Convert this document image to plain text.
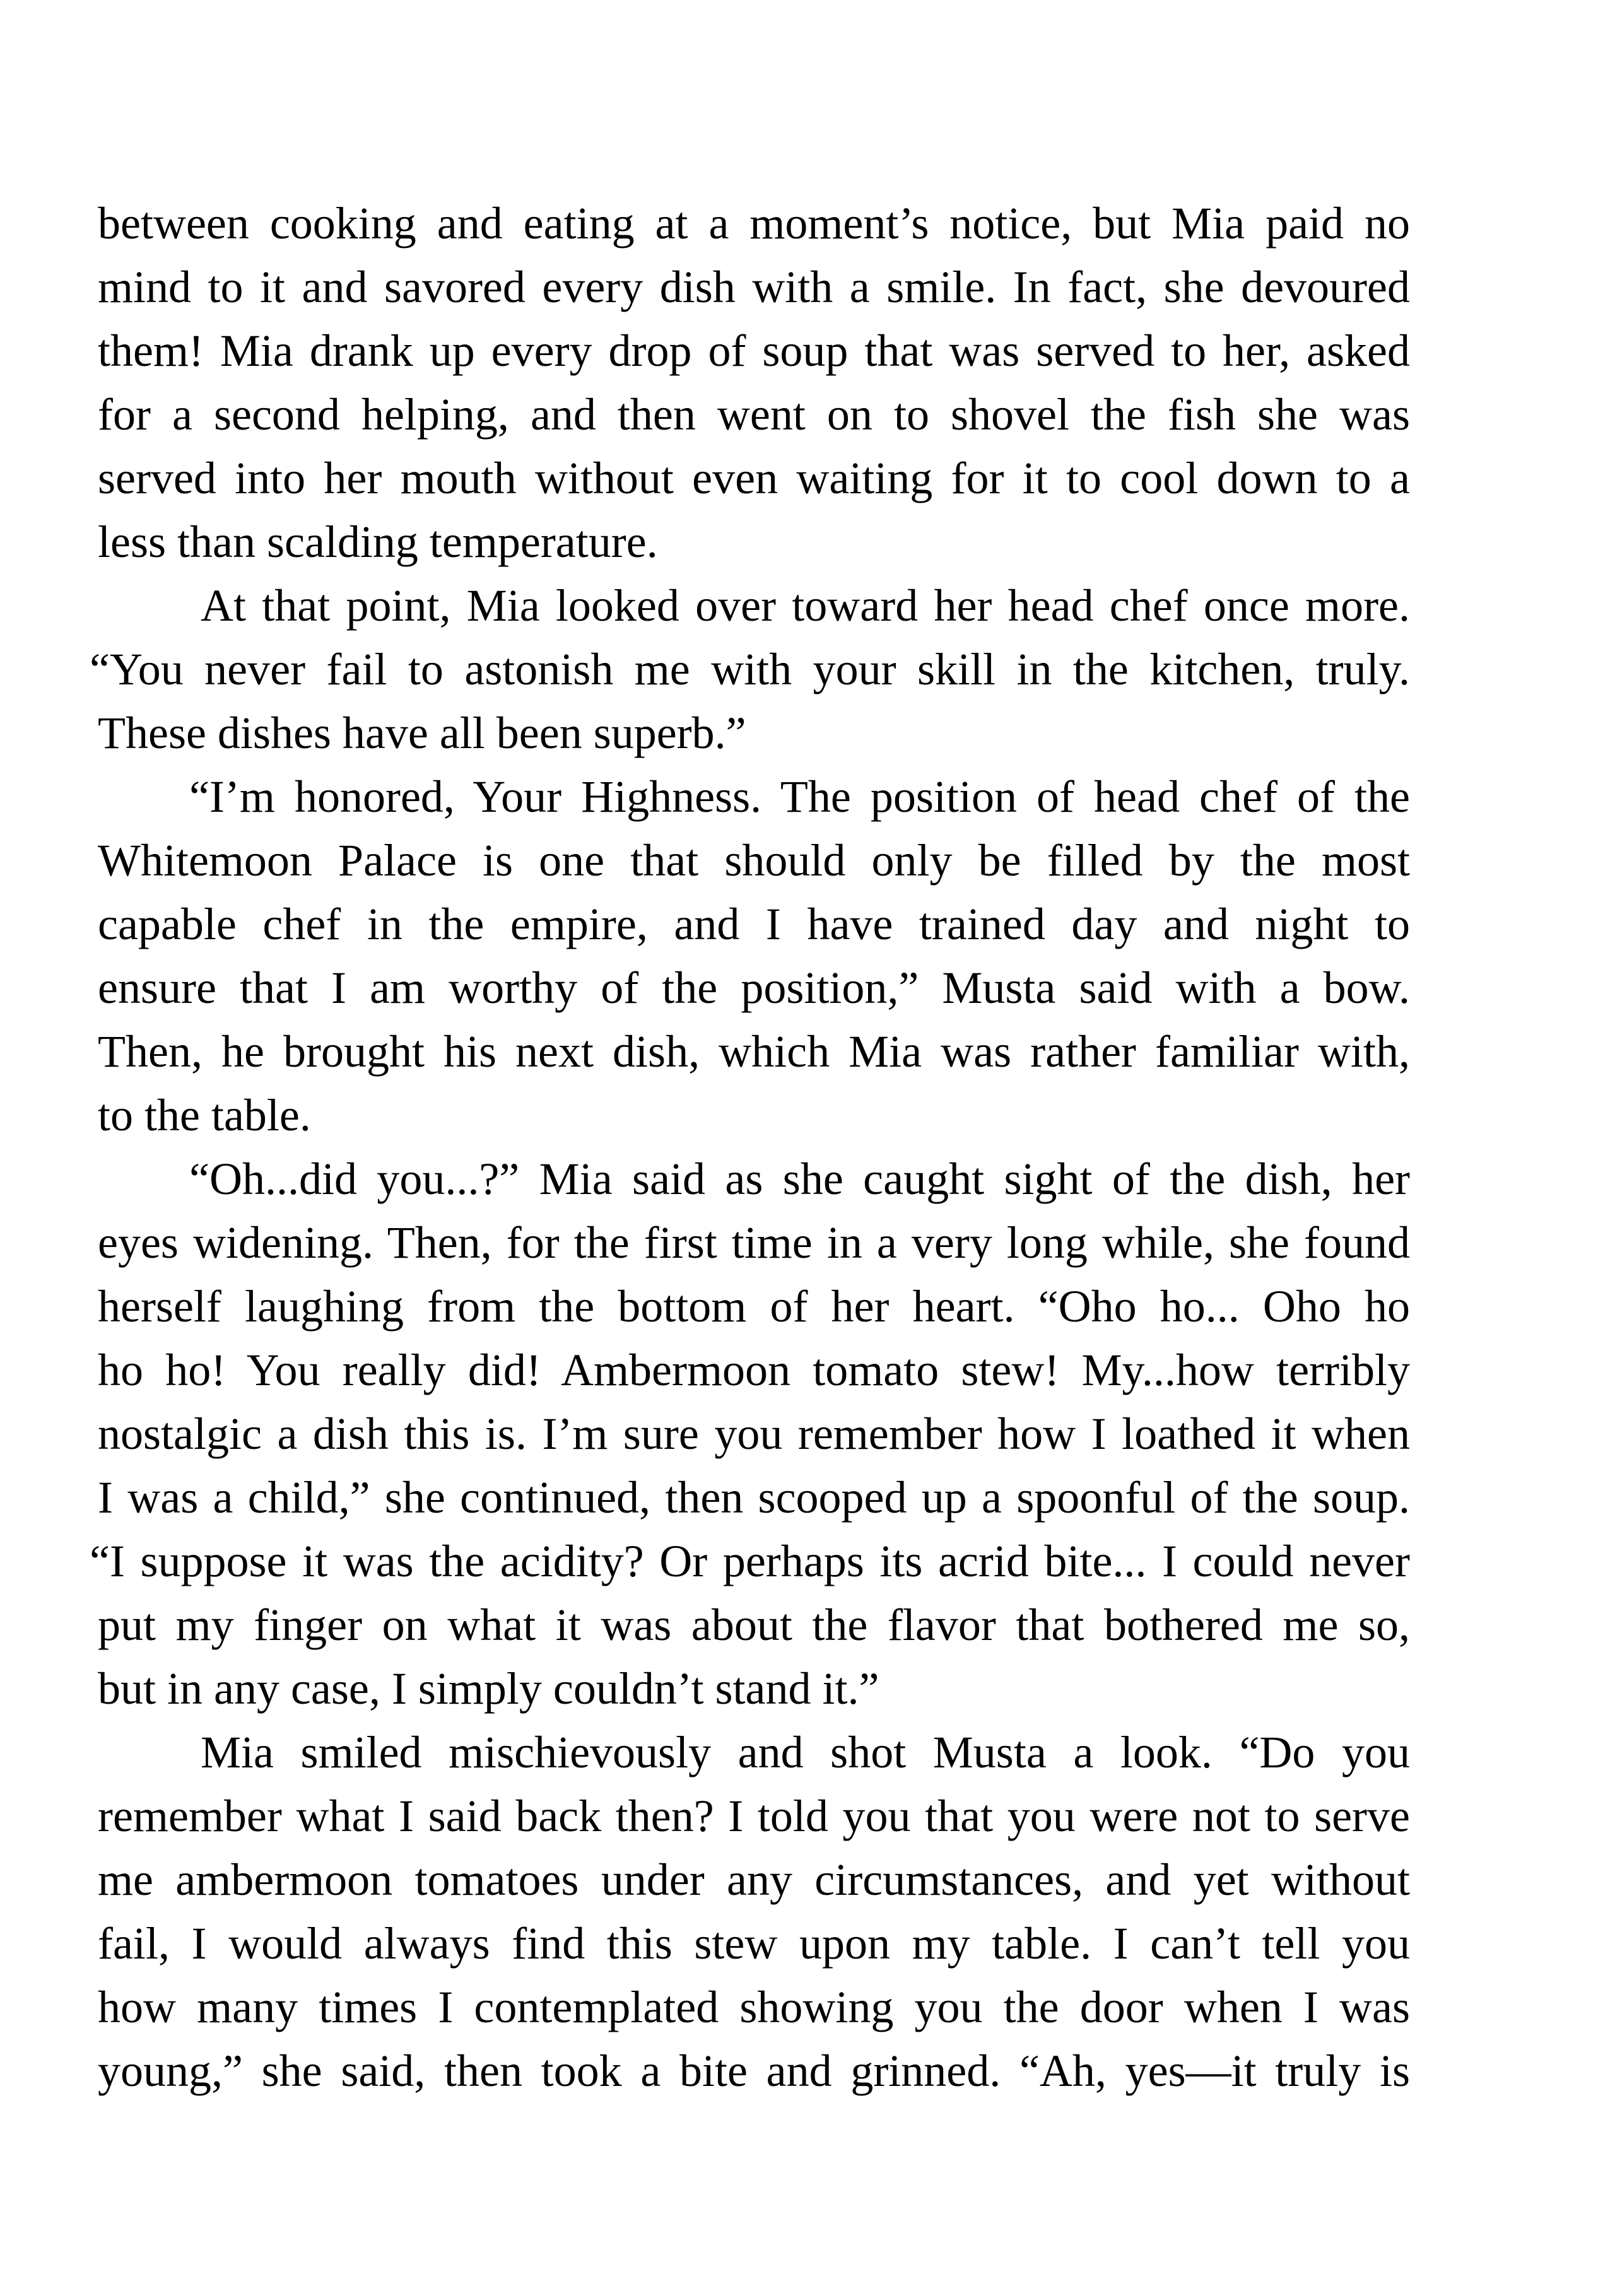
between cooking and eating at a moment’s notice, but Mia paid no
mind to it and savored every dish with a smile. In fact, she devoured
them! Mia drank up every drop of soup that was served to her, asked
for a second helping, and then went on to shovel the fish she was
served into her mouth without even waiting for it to cool down to a
less than scalding temperature.
At that point, Mia looked over toward her head chef once more.
“You never fail to astonish me with your skill in the kitchen, truly.
These dishes have all been superb.”
“I’m honored, Your Highness. The position of head chef of the
Whitemoon Palace is one that should only be filled by the most
capable chef in the empire, and I have trained day and night to
ensure that I am worthy of the position,” Musta said with a bow.
Then, he brought his next dish, which Mia was rather familiar with,
to the table.
“Oh...did you...?” Mia said as she caught sight of the dish, her
eyes widening. Then, for the first time in a very long while, she found
herself laughing from the bottom of her heart. “Oho ho... Oho ho
ho ho! You really did! Ambermoon tomato stew! My...how terribly
nostalgic a dish this is. I’m sure you remember how I loathed it when
I was a child,” she continued, then scooped up a spoonful of the soup.
“I suppose it was the acidity? Or perhaps its acrid bite... I could never
put my finger on what it was about the flavor that bothered me so,
but in any case, I simply couldn’t stand it.”
Mia smiled mischievously and shot Musta a look. “Do you
remember what I said back then? I told you that you were not to serve
me ambermoon tomatoes under any circumstances, and yet without
fail, I would always find this stew upon my table. I can’t tell you
how many times I contemplated showing you the door when I was
young,” she said, then took a bite and grinned. “Ah, yes—it truly is
